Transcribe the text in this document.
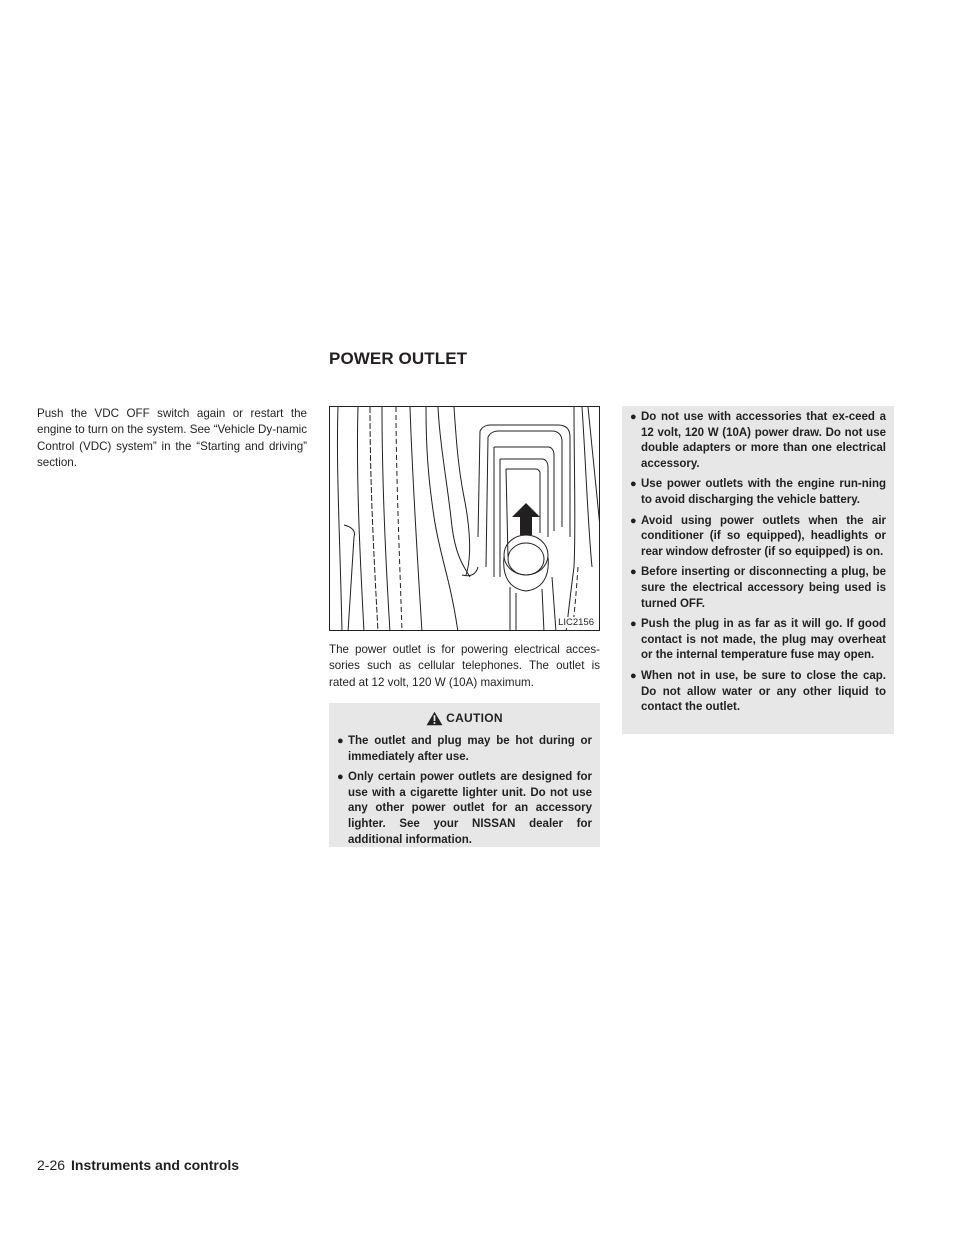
POWER OUTLET

Push the VDC OFF switch again or restart the engine to turn on the system. See “Vehicle Dy-namic Control (VDC) system” in the “Starting and driving” section.

LIC2156

The power outlet is for powering electrical acces-sories such as cellular telephones. The outlet is rated at 12 volt, 120 W (10A) maximum.

CAUTION
● The outlet and plug may be hot during or immediately after use.
● Only certain power outlets are designed for use with a cigarette lighter unit. Do not use any other power outlet for an accessory lighter. See your NISSAN dealer for additional information.
● Do not use with accessories that ex-ceed a 12 volt, 120 W (10A) power draw. Do not use double adapters or more than one electrical accessory.
● Use power outlets with the engine run-ning to avoid discharging the vehicle battery.
● Avoid using power outlets when the air conditioner (if so equipped), headlights or rear window defroster (if so equipped) is on.
● Before inserting or disconnecting a plug, be sure the electrical accessory being used is turned OFF.
● Push the plug in as far as it will go. If good contact is not made, the plug may overheat or the internal temperature fuse may open.
● When not in use, be sure to close the cap. Do not allow water or any other liquid to contact the outlet.
2-26 Instruments and controls
